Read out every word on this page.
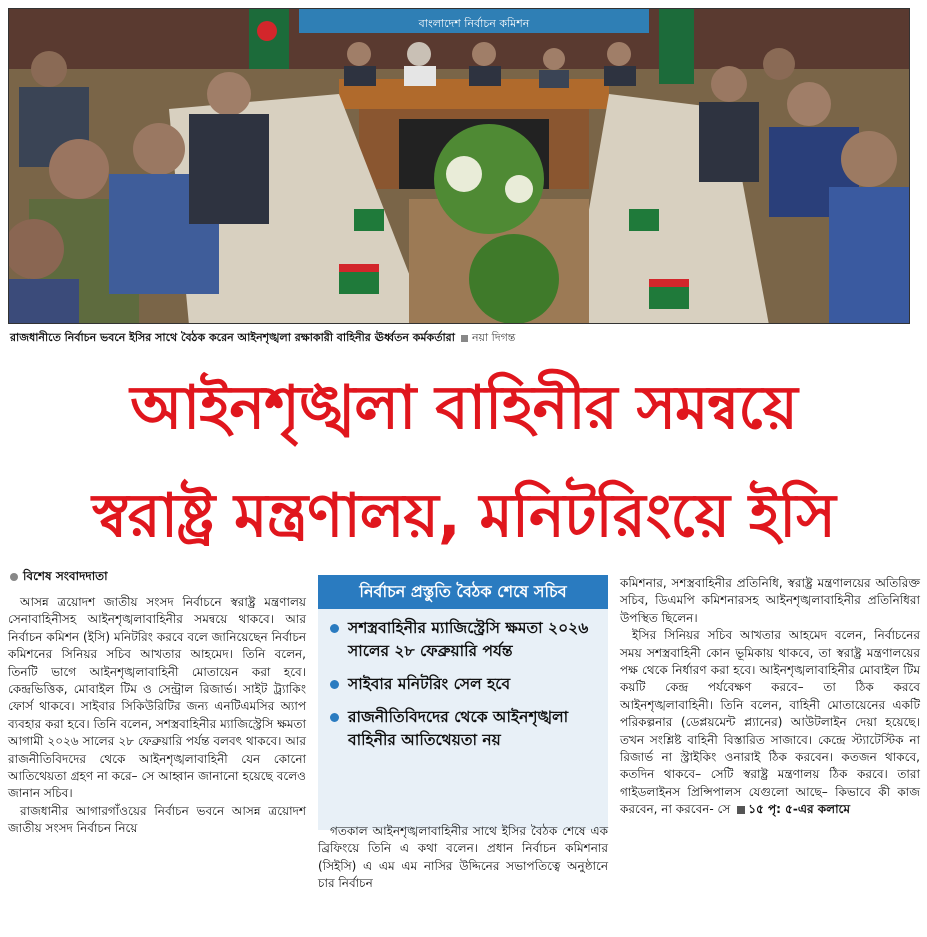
বাংলাদেশ নির্বাচন কমিশন
রাজধানীতে নির্বাচন ভবনে ইসির সাথে বৈঠক করেন আইনশৃঙ্খলা রক্ষাকারী বাহিনীর ঊর্ধ্বতন কর্মকর্তারা নয়া দিগন্ত
আইনশৃঙ্খলা বাহিনীর সমন্বয়ে
স্বরাষ্ট্র মন্ত্রণালয়, মনিটরিংয়ে ইসি
বিশেষ সংবাদদাতা

আসন্ন ত্রয়োদশ জাতীয় সংসদ নির্বাচনে স্বরাষ্ট্র মন্ত্রণালয় সেনাবাহিনীসহ আইনশৃঙ্খলাবাহিনীর সমন্বয়ে থাকবে। আর নির্বাচন কমিশন (ইসি) মনিটরিং করবে বলে জানিয়েছেন নির্বাচন কমিশনের সিনিয়র সচিব আখতার আহমেদ। তিনি বলেন, তিনটি ভাগে আইনশৃঙ্খলাবাহিনী মোতায়েন করা হবে। কেন্দ্রভিত্তিক, মোবাইল টিম ও সেন্ট্রাল রিজার্ভ। সাইট ট্র্যাকিং ফোর্স থাকবে। সাইবার সিকিউরিটির জন্য এনটিএমসির অ্যাপ ব্যবহার করা হবে। তিনি বলেন, সশস্ত্রবাহিনীর ম্যাজিস্ট্রেসি ক্ষমতা আগামী ২০২৬ সালের ২৮ ফেব্রুয়ারি পর্যন্ত বলবৎ থাকবে। আর রাজনীতিবিদদের থেকে আইনশৃঙ্খলাবাহিনী যেন কোনো আতিথেয়তা গ্রহণ না করে– সে আহ্বান জানানো হয়েছে বলেও জানান সচিব।

রাজধানীর আগারগাঁওয়ের নির্বাচন ভবনে আসন্ন ত্রয়োদশ জাতীয় সংসদ নির্বাচন নিয়ে

নির্বাচন প্রস্তুতি বৈঠক শেষে সচিব
সশস্ত্রবাহিনীর ম্যাজিস্ট্রেসি ক্ষমতা ২০২৬ সালের ২৮ ফেব্রুয়ারি পর্যন্ত
সাইবার মনিটরিং সেল হবে
রাজনীতিবিদদের থেকে আইনশৃঙ্খলা বাহিনীর আতিথেয়তা নয়

গতকাল আইনশৃঙ্খলাবাহিনীর সাথে ইসির বৈঠক শেষে এক ব্রিফিংয়ে তিনি এ কথা বলেন। প্রধান নির্বাচন কমিশনার (সিইসি) এ এম এম নাসির উদ্দিনের সভাপতিত্বে অনুষ্ঠানে চার নির্বাচন

কমিশনার, সশস্ত্রবাহিনীর প্রতিনিধি, স্বরাষ্ট্র মন্ত্রণালয়ের অতিরিক্ত সচিব, ডিএমপি কমিশনারসহ আইনশৃঙ্খলাবাহিনীর প্রতিনিধিরা উপস্থিত ছিলেন।

ইসির সিনিয়র সচিব আখতার আহমেদ বলেন, নির্বাচনের সময় সশস্ত্রবাহিনী কোন ভূমিকায় থাকবে, তা স্বরাষ্ট্র মন্ত্রণালয়ের পক্ষ থেকে নির্ধারণ করা হবে। আইনশৃঙ্খলাবাহিনীর মোবাইল টিম কয়টি কেন্দ্র পর্যবেক্ষণ করবে– তা ঠিক করবে আইনশৃঙ্খলাবাহিনী। তিনি বলেন, বাহিনী মোতায়েনের একটি পরিকল্পনার (ডেপ্লয়মেন্ট প্ল্যানের) আউটলাইন দেয়া হয়েছে। তখন সংশ্লিষ্ট বাহিনী বিস্তারিত সাজাবে। কেন্দ্রে স্ট্যাটেস্টিক না রিজার্ভ না স্ট্রাইকিং ওনারাই ঠিক করবেন। কতজন থাকবে, কতদিন থাকবে– সেটি স্বরাষ্ট্র মন্ত্রণালয় ঠিক করবে। তারা গাইডলাইনস প্রিন্সিপালস যেগুলো আছে– কিভাবে কী কাজ করবেন, না করবেন- সে ১৫ পৃ: ৫-এর কলামে
